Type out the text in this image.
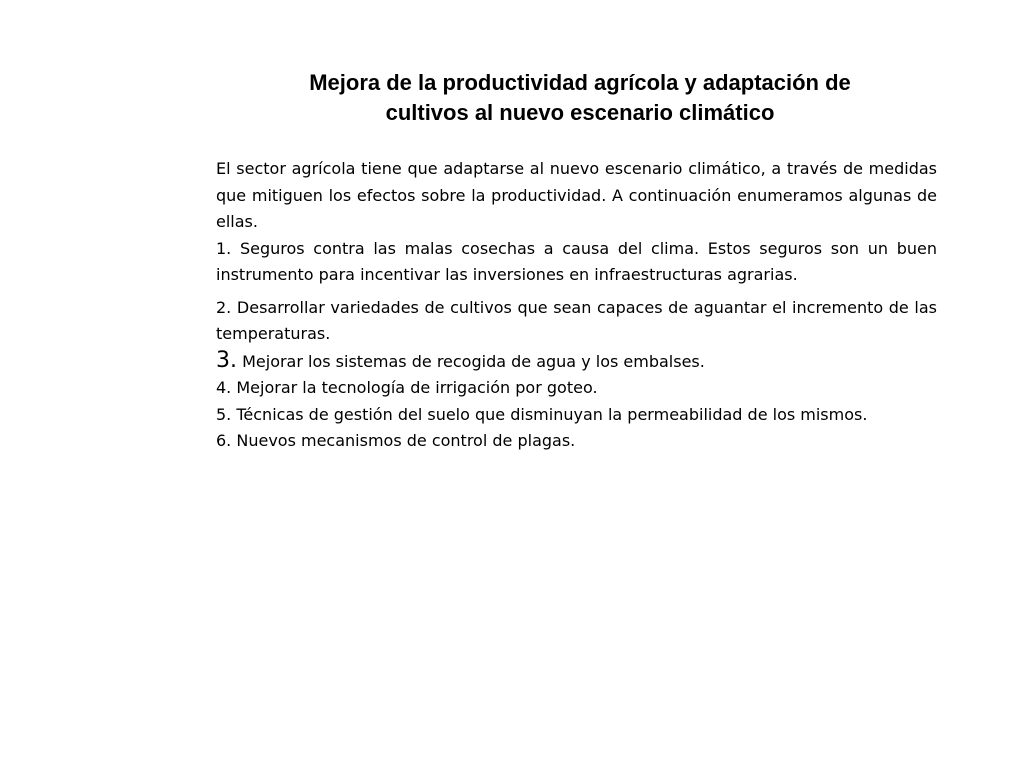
Mejora de la productividad agrícola y adaptación de
cultivos al nuevo escenario climático

El sector agrícola tiene que adaptarse al nuevo escenario climático, a través de medidas que mitiguen los efectos sobre la productividad. A continuación enumeramos algunas de ellas.

1. Seguros contra las malas cosechas a causa del clima. Estos seguros son un buen instrumento para incentivar las inversiones en infraestructuras agrarias.

2. Desarrollar variedades de cultivos que sean capaces de aguantar el incremento de las temperaturas.

3. Mejorar los sistemas de recogida de agua y los embalses.

4. Mejorar la tecnología de irrigación por goteo.

5. Técnicas de gestión del suelo que disminuyan la permeabilidad de los mismos.

6. Nuevos mecanismos de control de plagas.
